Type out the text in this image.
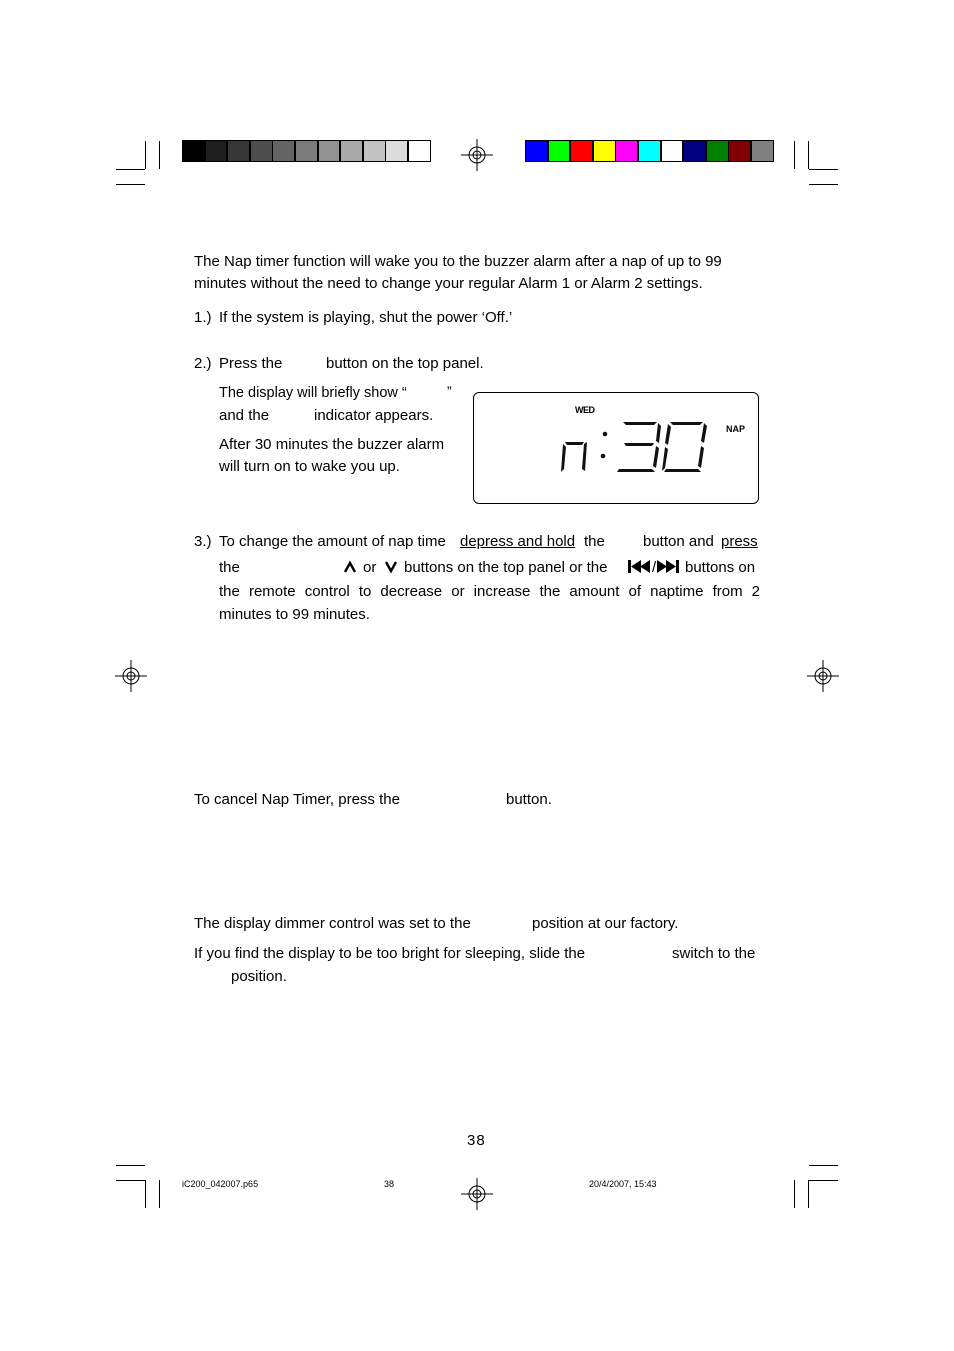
The Nap timer function will wake you to the buzzer alarm after a nap of up to 99
minutes without the need to change your regular Alarm 1 or Alarm 2 settings.
1.) If the system is playing, shut the power ‘Off.’
2.) Press the	button on the top panel.
The display will briefly show “	”
and the	indicator appears.
After 30 minutes the buzzer alarm
will turn on to wake you up.
WED
NAP
3.) To change the amount of nap time depress and hold the	button and press
the	or buttons on the top panel or the	/ buttons on
the remote control to decrease or increase the amount of naptime from 2
minutes to 99 minutes.
To cancel Nap Timer, press the	button.
The display dimmer control was set to the	position at our factory.
If you find the display to be too bright for sleeping, slide the	switch to the
position.
38
iC200_042007.p65	38	20/4/2007, 15:43
